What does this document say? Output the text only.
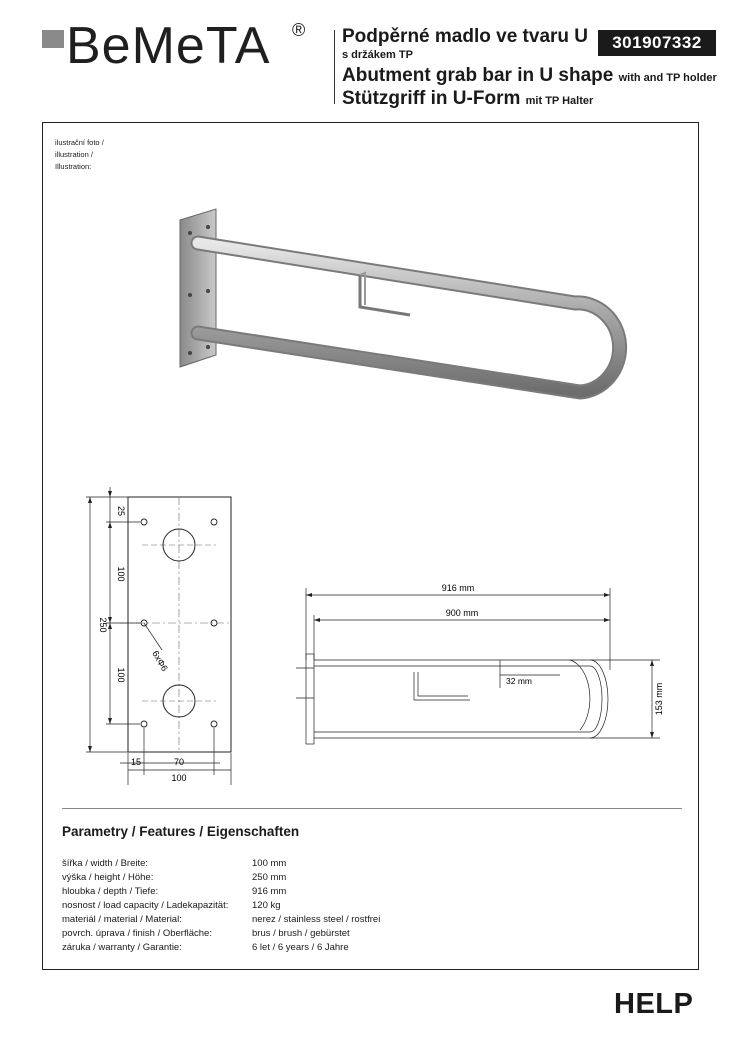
BeMeTA ® Podpěrné madlo ve tvaru U
s držákem TP
Abutment grab bar in U shape with and TP holder
Stützgriff in U-Form mit TP Halter
301907332
ilustrační foto /
illustration /
Illustration:
250
25
100
100
6xΦ6
15	70
100
916 mm
900 mm
32 mm
153 mm
Parametry / Features / Eigenschaften
šířka / width / Breite:	100 mm
výška / height / Höhe:	250 mm
hloubka / depth / Tiefe:	916 mm
nosnost / load capacity / Ladekapazität: 120 kg
materiál / material / Material:	nerez / stainless steel / rostfrei
povrch. úprava / finish / Oberfläche:	brus / brush / gebürstet
záruka / warranty / Garantie:	6 let / 6 years / 6 Jahre
HELP
